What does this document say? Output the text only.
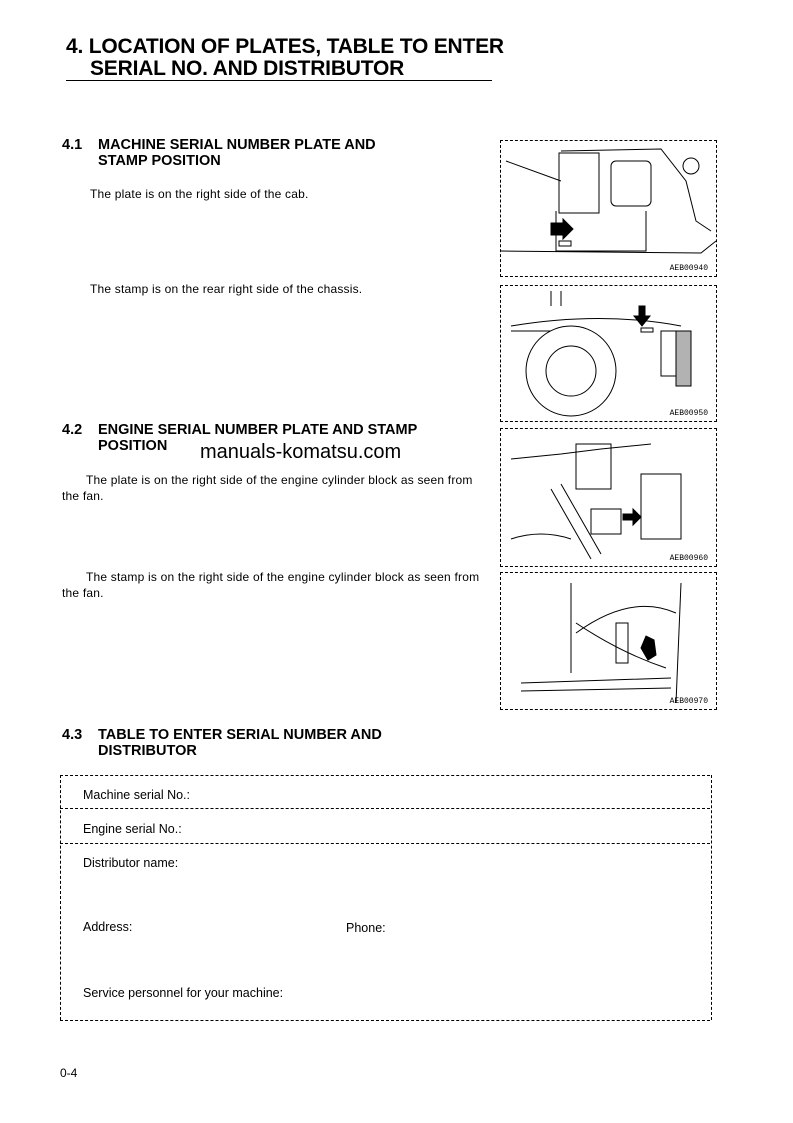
4. LOCATION OF PLATES, TABLE TO ENTER
SERIAL NO. AND DISTRIBUTOR
4.1 MACHINE SERIAL NUMBER PLATE AND
STAMP POSITION
The plate is on the right side of the cab.
The stamp is on the rear right side of the chassis.
4.2 ENGINE SERIAL NUMBER PLATE AND STAMP
POSITION	manuals-komatsu.com
The plate is on the right side of the engine cylinder block as seen from the fan.
The stamp is on the right side of the engine cylinder block as seen from the fan.
AEB00940
AEB00950
AEB00960
AEB00970
4.3 TABLE TO ENTER SERIAL NUMBER AND
DISTRIBUTOR
Machine serial No.:
Engine serial No.:
Distributor name:
Address:	Phone:
Service personnel for your machine:
0-4
